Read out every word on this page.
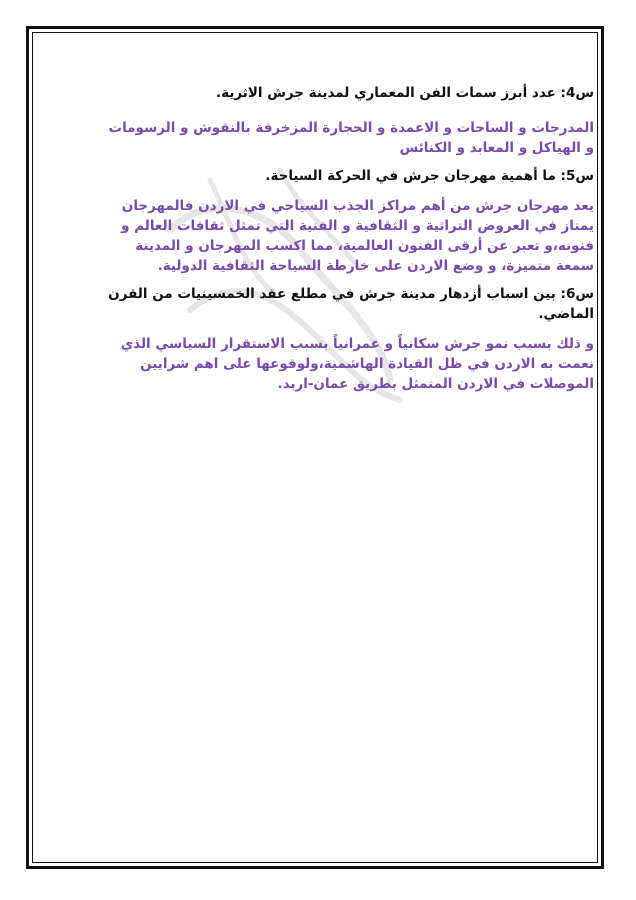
س4: عدد أبرز سمات الفن المعماري لمدينة جرش الاثرية.

المدرجات و الساحات و الاعمدة و الحجارة المزخرفة بالنقوش و الرسومات و الهياكل و المعابد و الكنائس

س5: ما أهمية مهرجان جرش في الحركة السياحة.

يعد مهرجان جرش من أهم مراكز الجذب السياحي في الاردن فالمهرجان يمتاز في العروض التراثية و الثقافية و الفنية التي تمثل ثقافات العالم و فنونه،و تعبر عن أرقى الفنون العالمية، مما اكسب المهرجان و المدينة سمعة متميزة، و وضع الاردن على خارطة السياحة الثقافية الدولية.

س6: بين اسباب أزدهار مدينة جرش في مطلع عقد الخمسينيات من القرن الماضي.

و ذلك بسبب نمو جرش سكانياً و عمرانياً بسبب الاستقرار السياسي الذي نعمت به الاردن في ظل القيادة الهاشمية،ولوقوعها على اهم شرايين الموصلات في الاردن المتمثل بطريق عمان-اربد.
